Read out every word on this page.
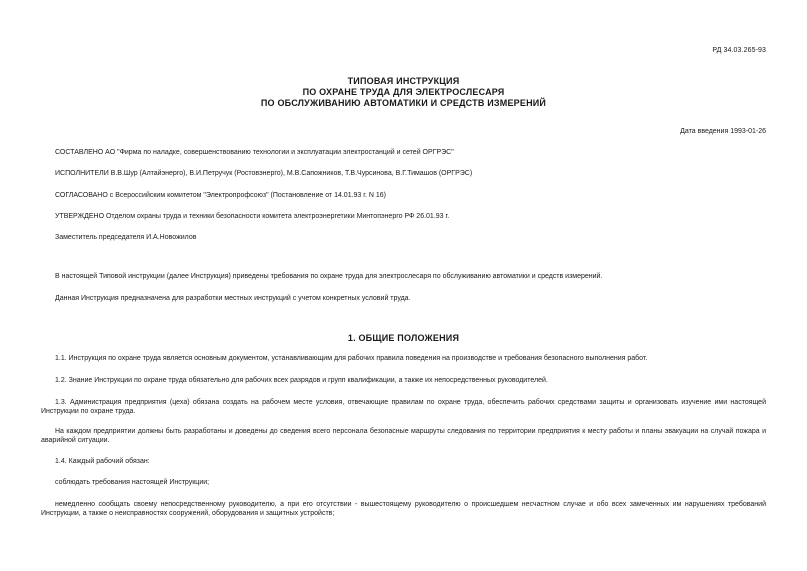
РД 34.03.265-93
ТИПОВАЯ ИНСТРУКЦИЯ
ПО ОХРАНЕ ТРУДА ДЛЯ ЭЛЕКТРОСЛЕСАРЯ
ПО ОБСЛУЖИВАНИЮ АВТОМАТИКИ И СРЕДСТВ ИЗМЕРЕНИЙ
Дата введения 1993-01-26
СОСТАВЛЕНО АО "Фирма по наладке, совершенствованию технологии и эксплуатации электростанций и сетей ОРГРЭС"
ИСПОЛНИТЕЛИ В.В.Шур (Алтайэнерго), В.И.Петручук (Ростовэнерго), М.В.Сапожников, Т.В.Чурсинова, В.Г.Тимашов (ОРГРЭС)
СОГЛАСОВАНО с Всероссийским комитетом "Электропрофсоюз" (Постановление от 14.01.93 г. N 16)
УТВЕРЖДЕНО Отделом охраны труда и техники безопасности комитета электроэнергетики Минтопэнерго РФ 26.01.93 г.
Заместитель председателя И.А.Новожилов
В настоящей Типовой инструкции (далее Инструкция) приведены требования по охране труда для электрослесаря по обслуживанию автоматики и средств измерений.
Данная Инструкция предназначена для разработки местных инструкций с учетом конкретных условий труда.
1. ОБЩИЕ ПОЛОЖЕНИЯ
1.1. Инструкция по охране труда является основным документом, устанавливающим для рабочих правила поведения на производстве и требования безопасного выполнения работ.
1.2. Знание Инструкции по охране труда обязательно для рабочих всех разрядов и групп квалификации, а также их непосредственных руководителей.
1.3. Администрация предприятия (цеха) обязана создать на рабочем месте условия, отвечающие правилам по охране труда, обеспечить рабочих средствами защиты и организовать изучение ими настоящей Инструкции по охране труда.
На каждом предприятии должны быть разработаны и доведены до сведения всего персонала безопасные маршруты следования по территории предприятия к месту работы и планы эвакуации на случай пожара и аварийной ситуации.
1.4. Каждый рабочий обязан:
соблюдать требования настоящей Инструкции;
немедленно сообщать своему непосредственному руководителю, а при его отсутствии - вышестоящему руководителю о происшедшем несчастном случае и обо всех замеченных им нарушениях требований Инструкции, а также о неисправностях сооружений, оборудования и защитных устройств;
